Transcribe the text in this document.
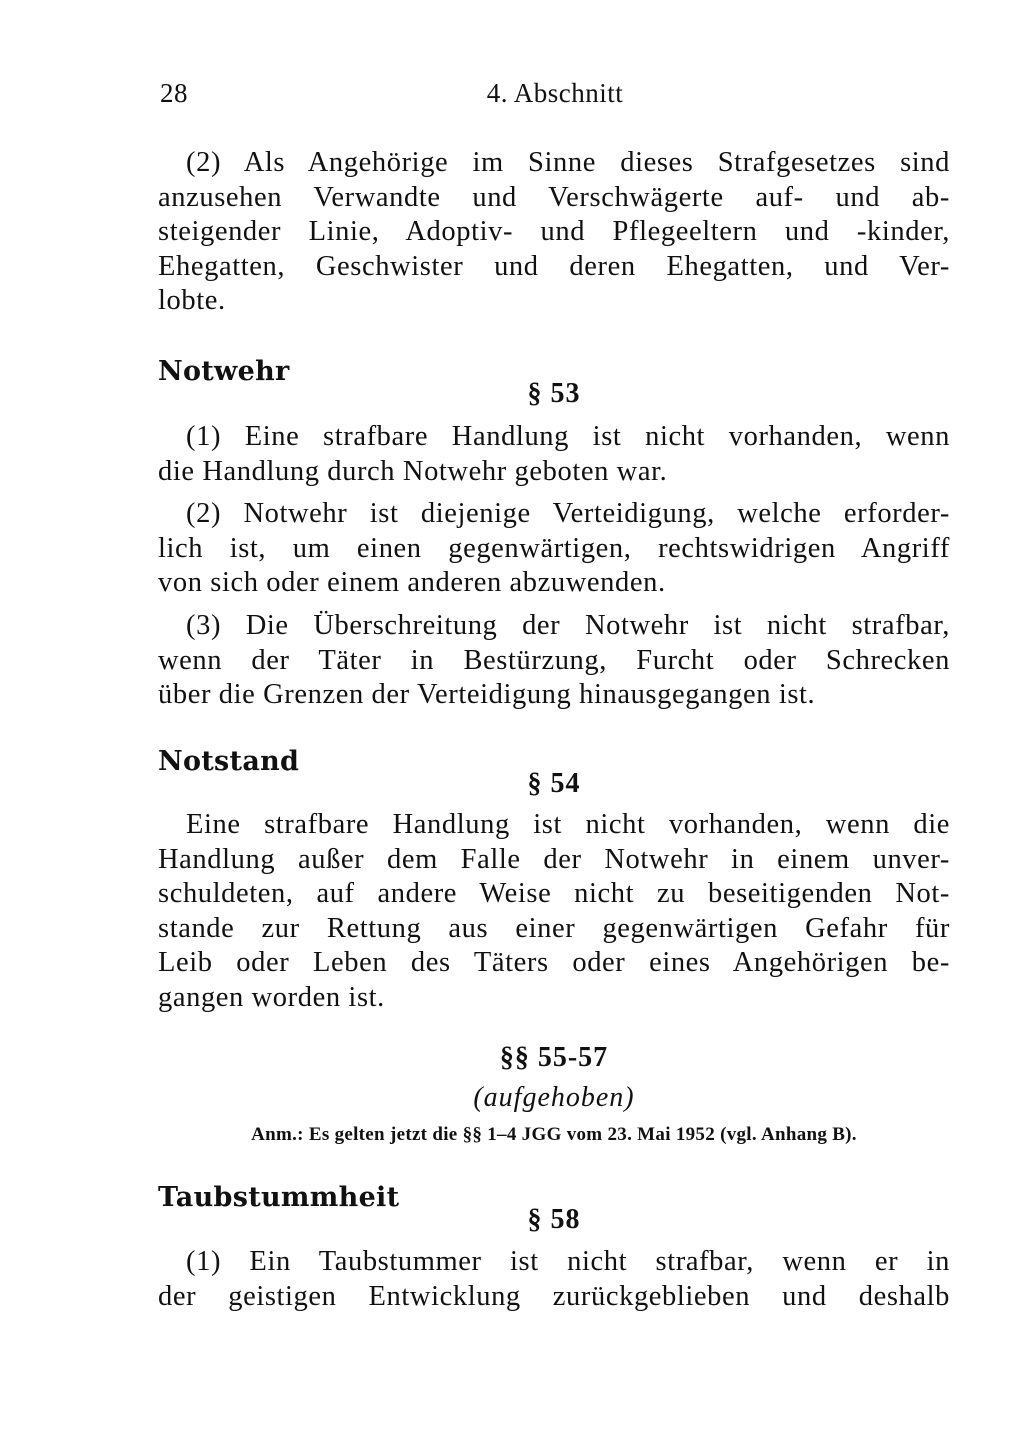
28	4. Abschnitt
(2) Als Angehörige im Sinne dieses Strafgesetzes sind
anzusehen Verwandte und Verschwägerte auf- und ab-
steigender Linie, Adoptiv- und Pflegeeltern und -kinder,
Ehegatten, Geschwister und deren Ehegatten, und Ver-
lobte.
Notwehr
§ 53
(1) Eine strafbare Handlung ist nicht vorhanden, wenn
die Handlung durch Notwehr geboten war.
(2) Notwehr ist diejenige Verteidigung, welche erforder-
lich ist, um einen gegenwärtigen, rechtswidrigen Angriff
von sich oder einem anderen abzuwenden.
(3) Die Überschreitung der Notwehr ist nicht strafbar,
wenn der Täter in Bestürzung, Furcht oder Schrecken
über die Grenzen der Verteidigung hinausgegangen ist.
Notstand
§ 54
Eine strafbare Handlung ist nicht vorhanden, wenn die
Handlung außer dem Falle der Notwehr in einem unver-
schuldeten, auf andere Weise nicht zu beseitigenden Not-
stande zur Rettung aus einer gegenwärtigen Gefahr für
Leib oder Leben des Täters oder eines Angehörigen be-
gangen worden ist.
§§ 55-57
(aufgehoben)
Anm.: Es gelten jetzt die §§ 1–4 JGG vom 23. Mai 1952 (vgl. Anhang B).
Taubstummheit
§ 58
(1) Ein Taubstummer ist nicht strafbar, wenn er in
der geistigen Entwicklung zurückgeblieben und deshalb
